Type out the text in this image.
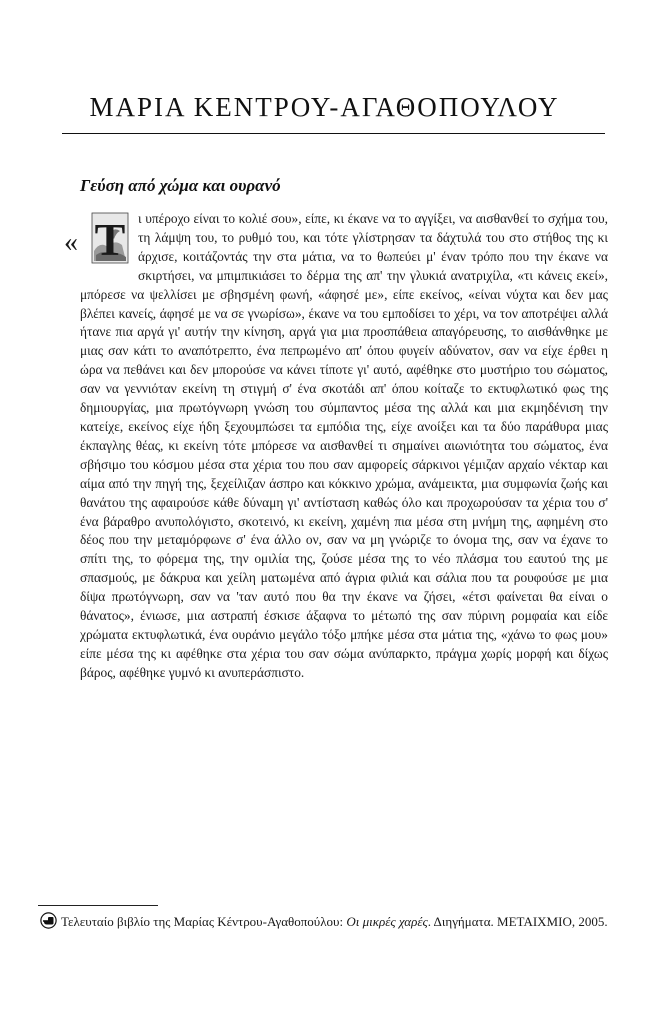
ΜΑΡΙΑ ΚΕΝΤΡΟΥ-ΑΓΑΘΟΠΟΥΛΟΥ
Γεύση από χώμα και ουρανό
« Τ ι υπέροχο είναι το κολιέ σου», είπε, κι έκανε να το αγγίξει, να αισθανθεί το σχήμα του, τη λάμψη του, το ρυθμό του, και τότε γλίστρησαν τα δάχτυλά του στο στήθος της κι άρχισε, κοιτάζοντάς την στα μάτια, να το θωπεύει μ' έναν τρόπο που την έκανε να σκιρτήσει, να μπιμπικιάσει το δέρμα της απ' την γλυκιά ανατριχίλα, «τι κάνεις εκεί», μπόρεσε να ψελλίσει με σβησμένη φωνή, «άφησέ με», είπε εκείνος, «είναι νύχτα και δεν μας βλέπει κανείς, άφησέ με να σε γνωρίσω», έκανε να του εμποδίσει το χέρι, να τον αποτρέψει αλλά ήτανε πια αργά γι' αυτήν την κίνηση, αργά για μια προσπάθεια απαγόρευσης, το αισθάνθηκε με μιας σαν κάτι το αναπότρεπτο, ένα πεπρωμένο απ' όπου φυγείν αδύνατον, σαν να είχε έρθει η ώρα να πεθάνει και δεν μπορούσε να κάνει τίποτε γι' αυτό, αφέθηκε στο μυστήριο του σώματος, σαν να γεννιόταν εκείνη τη στιγμή σ' ένα σκοτάδι απ' όπου κοίταζε το εκτυφλωτικό φως της δημιουργίας, μια πρωτόγνωρη γνώση του σύμπαντος μέσα της αλλά και μια εκμηδένιση την κατείχε, εκείνος είχε ήδη ξεχουμπώσει τα εμπόδια της, είχε ανοίξει και τα δύο παράθυρα μιας έκπαγλης θέας, κι εκείνη τότε μπόρεσε να αισθανθεί τι σημαίνει αιωνιότητα του σώματος, ένα σβήσιμο του κόσμου μέσα στα χέρια του που σαν αμφορείς σάρκινοι γέμιζαν αρχαίο νέκταρ και αίμα από την πηγή της, ξεχείλιζαν άσπρο και κόκκινο χρώμα, ανάμεικτα, μια συμφωνία ζωής και θανάτου της αφαιρούσε κάθε δύναμη γι' αντίσταση καθώς όλο και προχωρούσαν τα χέρια του σ' ένα βάραθρο ανυπολόγιστο, σκοτεινό, κι εκείνη, χαμένη πια μέσα στη μνήμη της, αφημένη στο δέος που την μεταμόρφωνε σ' ένα άλλο ον, σαν να μη γνώριζε το όνομα της, σαν να έχανε το σπίτι της, το φόρεμα της, την ομιλία της, ζούσε μέσα της το νέο πλάσμα του εαυτού της με σπασμούς, με δάκρυα και χείλη ματωμένα από άγρια φιλιά και σάλια που τα ρουφούσε με μια δίψα πρωτόγνωρη, σαν να 'ταν αυτό που θα την έκανε να ζήσει, «έτσι φαίνεται θα είναι ο θάνατος», ένιωσε, μια αστραπή έσκισε άξαφνα το μέτωπό της σαν πύρινη ρομφαία και είδε χρώματα εκτυφλωτικά, ένα ουράνιο μεγάλο τόξο μπήκε μέσα στα μάτια της, «χάνω το φως μου» είπε μέσα της κι αφέθηκε στα χέρια του σαν σώμα ανύπαρκτο, πράγμα χωρίς μορφή και δίχως βάρος, αφέθηκε γυμνό κι ανυπεράσπιστο.
Τελευταίο βιβλίο της Μαρίας Κέντρου-Αγαθοπούλου: Οι μικρές χαρές. Διηγήματα. ΜΕΤΑΙΧΜΙΟ, 2005.
